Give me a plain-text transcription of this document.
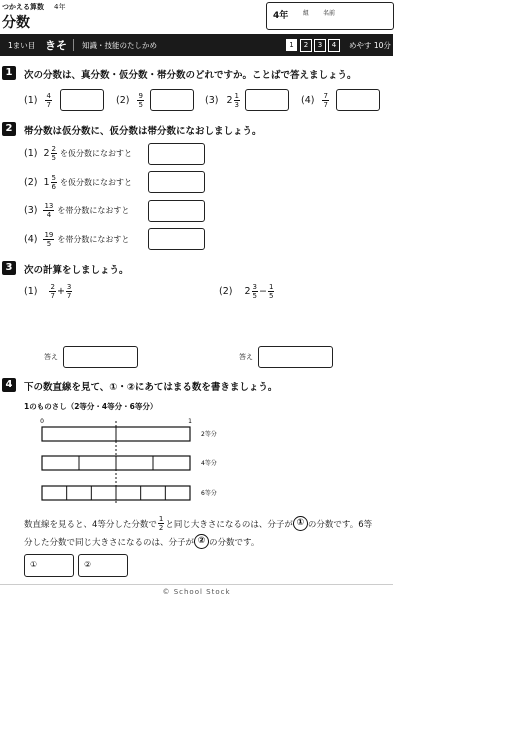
つかえる算数 4年
分数	4年 組 名前
1まい目 きそ 知識・技能のたしかめ	1	2	3	4	めやす 10分
1	次の分数は、真分数・仮分数・帯分数のどれですか。ことばで答えましょう。
$(1) \frac{4}{7}$	$(2) \frac{9}{5}$	(3) $2 \frac{1}{3}$	$(4) \frac{7}{7}$
2	帯分数は仮分数に、仮分数は帯分数になおしましょう。
(1) $2 \frac{2}{5}$ を仮分数になおすと
(2) $1 \frac{5}{6}$ を仮分数になおすと
$(3) \frac{13}{4}$ を帯分数になおすと
$(4) \frac{19}{5}$ を帯分数になおすと
3	次の計算をしましょう。
$(1) \frac{2}{7} + \frac{3}{7}$	(2) $2 \frac{3}{5} - \frac{1}{5}$
答え	答え
4	下の数直線を見て、①・②にあてはまる数を書きましょう。
1のものさし（2等分・4等分・6等分）
0	1
2等分
4等分
6等分
数直線を見ると、4等分した分数で $\frac{1}{2}$ と同じ大きさになるのは、分子が ① の分数です。6等
分した分数で同じ大きさになるのは、分子が ② の分数です。
①	②
© School Stock
